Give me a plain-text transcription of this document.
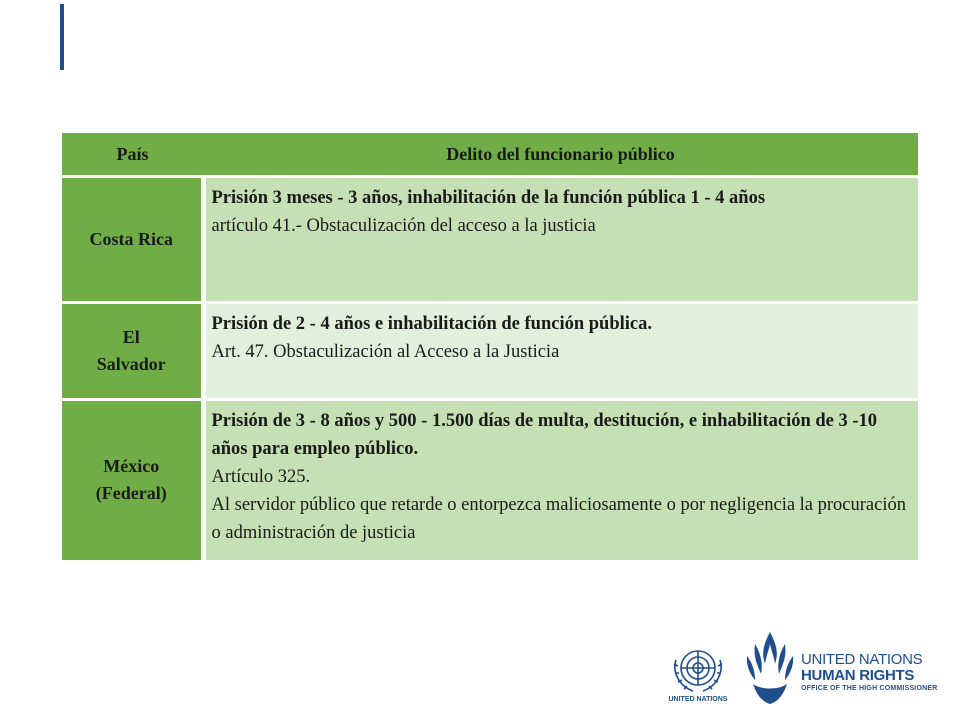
País	Delito del funcionario público
Costa Rica	Prisión 3 meses - 3 años, inhabilitación de la función pública 1 - 4 años
artículo 41.- Obstaculización del acceso a la justicia

El Salvador	Prisión de 2 - 4 años e inhabilitación de función pública.
Art. 47. Obstaculización al Acceso a la Justicia

México (Federal)	Prisión de 3 - 8 años y 500 - 1.500 días de multa, destitución, e inhabilitación de 3 -10 años para empleo público.
Artículo 325.
Al servidor público que retarde o entorpezca maliciosamente o por negligencia la procuración o administración de justicia
UNITED NATIONS
UNITED NATIONS
HUMAN RIGHTS
OFFICE OF THE HIGH COMMISSIONER
